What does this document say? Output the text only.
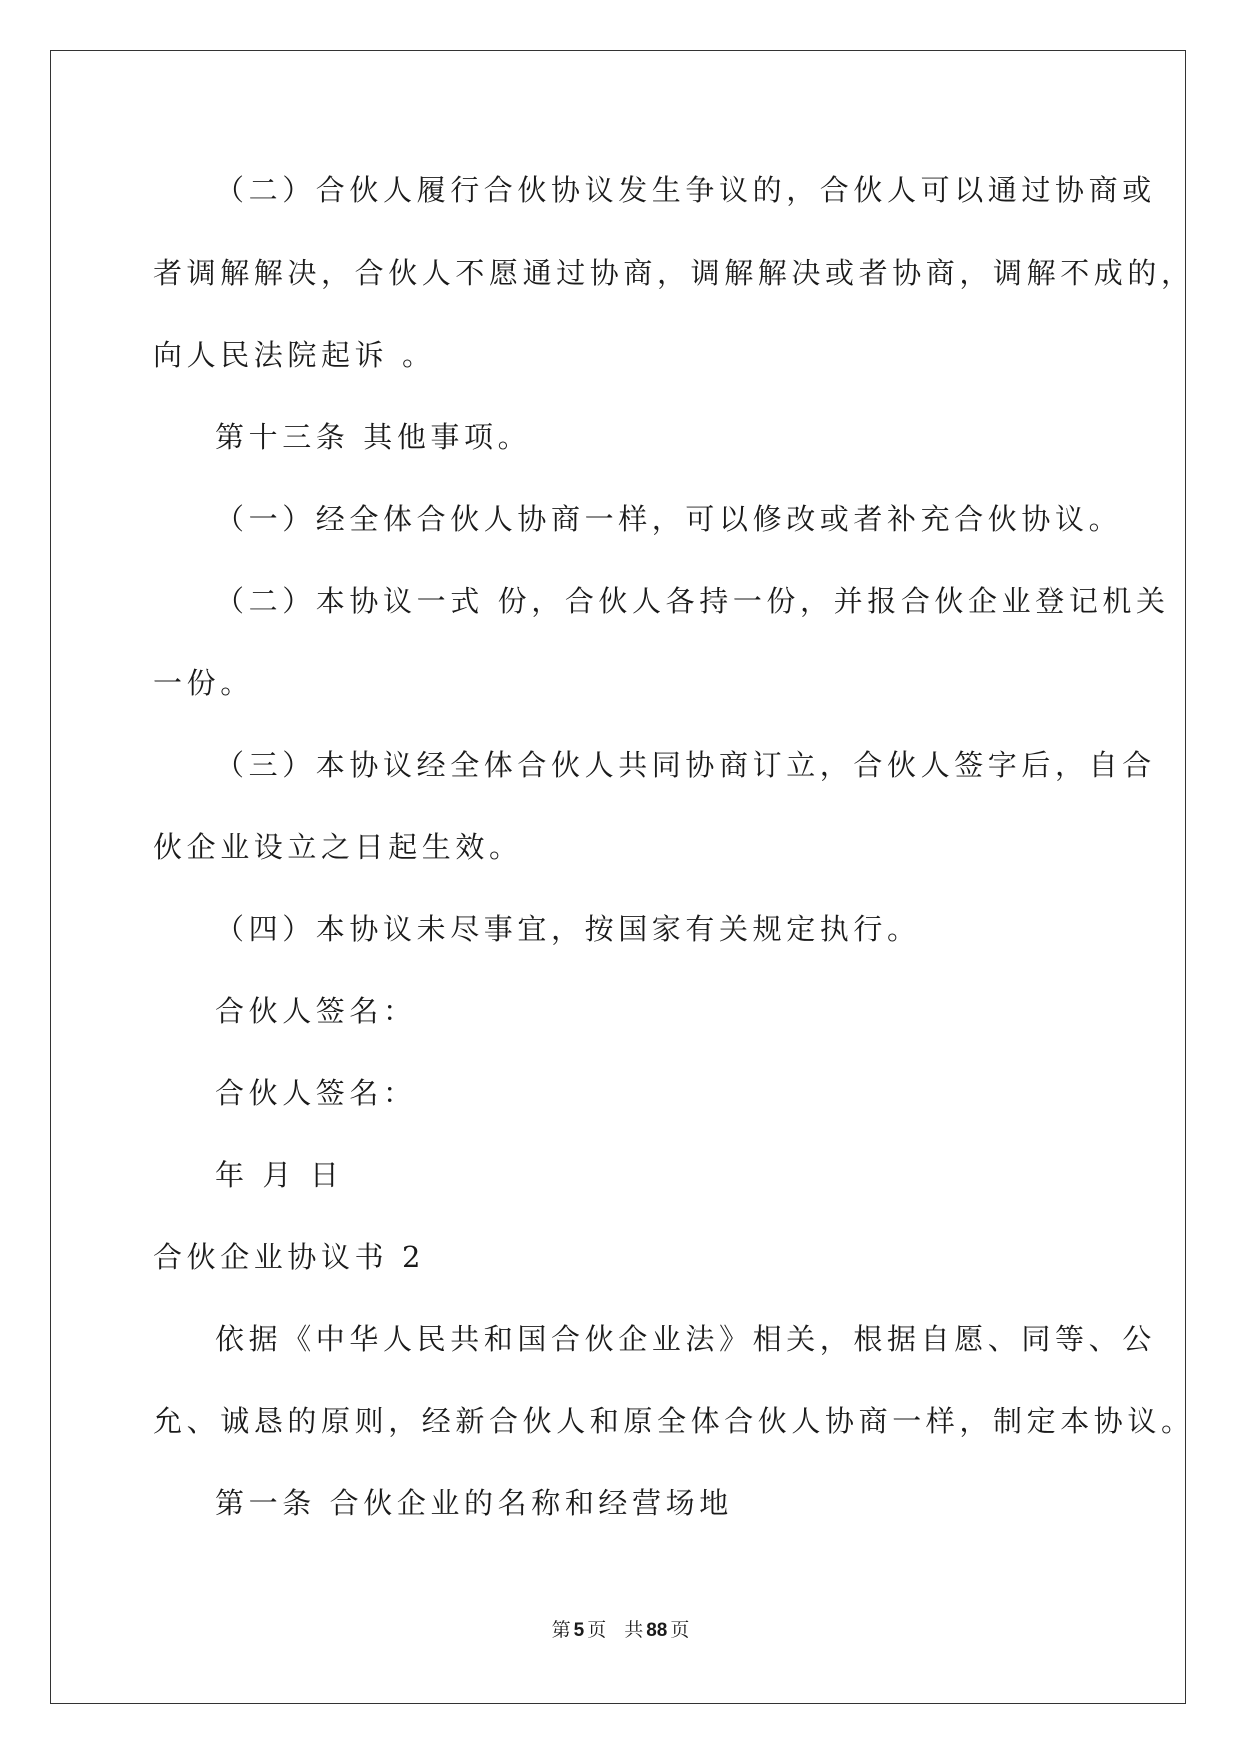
（二）合伙人履行合伙协议发生争议的，合伙人可以通过协商或
者调解解决，合伙人不愿通过协商，调解解决或者协商，调解不成的，
向人民法院起诉 。
第十三条 其他事项。
（一）经全体合伙人协商一样，可以修改或者补充合伙协议。
（二）本协议一式 份，合伙人各持一份，并报合伙企业登记机关
一份。
（三）本协议经全体合伙人共同协商订立，合伙人签字后，自合
伙企业设立之日起生效。
（四）本协议未尽事宜，按国家有关规定执行。
合伙人签名：
合伙人签名：
年 月 日
合伙企业协议书 2
依据《中华人民共和国合伙企业法》相关，根据自愿、同等、公
允、诚恳的原则，经新合伙人和原全体合伙人协商一样，制定本协议。
第一条 合伙企业的名称和经营场地
第 5 页 共 88 页
